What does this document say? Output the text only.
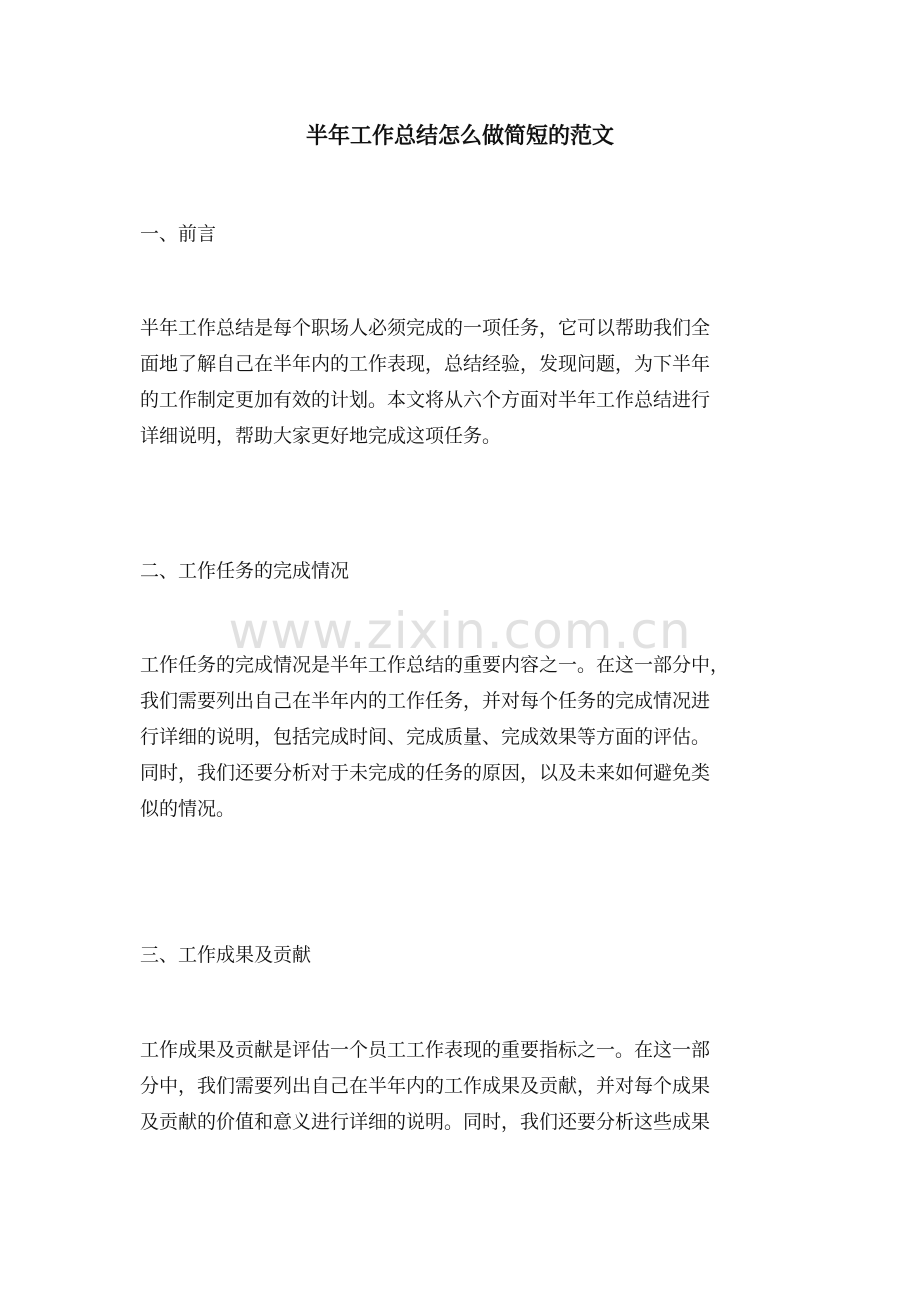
半年工作总结怎么做简短的范文
一、前言
半年工作总结是每个职场人必须完成的一项任务，它可以帮助我们全
面地了解自己在半年内的工作表现，总结经验，发现问题，为下半年
的工作制定更加有效的计划。本文将从六个方面对半年工作总结进行
详细说明，帮助大家更好地完成这项任务。
二、工作任务的完成情况
工作任务的完成情况是半年工作总结的重要内容之一。在这一部分中，
我们需要列出自己在半年内的工作任务，并对每个任务的完成情况进
行详细的说明，包括完成时间、完成质量、完成效果等方面的评估。
同时，我们还要分析对于未完成的任务的原因，以及未来如何避免类
似的情况。
三、工作成果及贡献
工作成果及贡献是评估一个员工工作表现的重要指标之一。在这一部
分中，我们需要列出自己在半年内的工作成果及贡献，并对每个成果
及贡献的价值和意义进行详细的说明。同时，我们还要分析这些成果
www.zixin.com.cn
